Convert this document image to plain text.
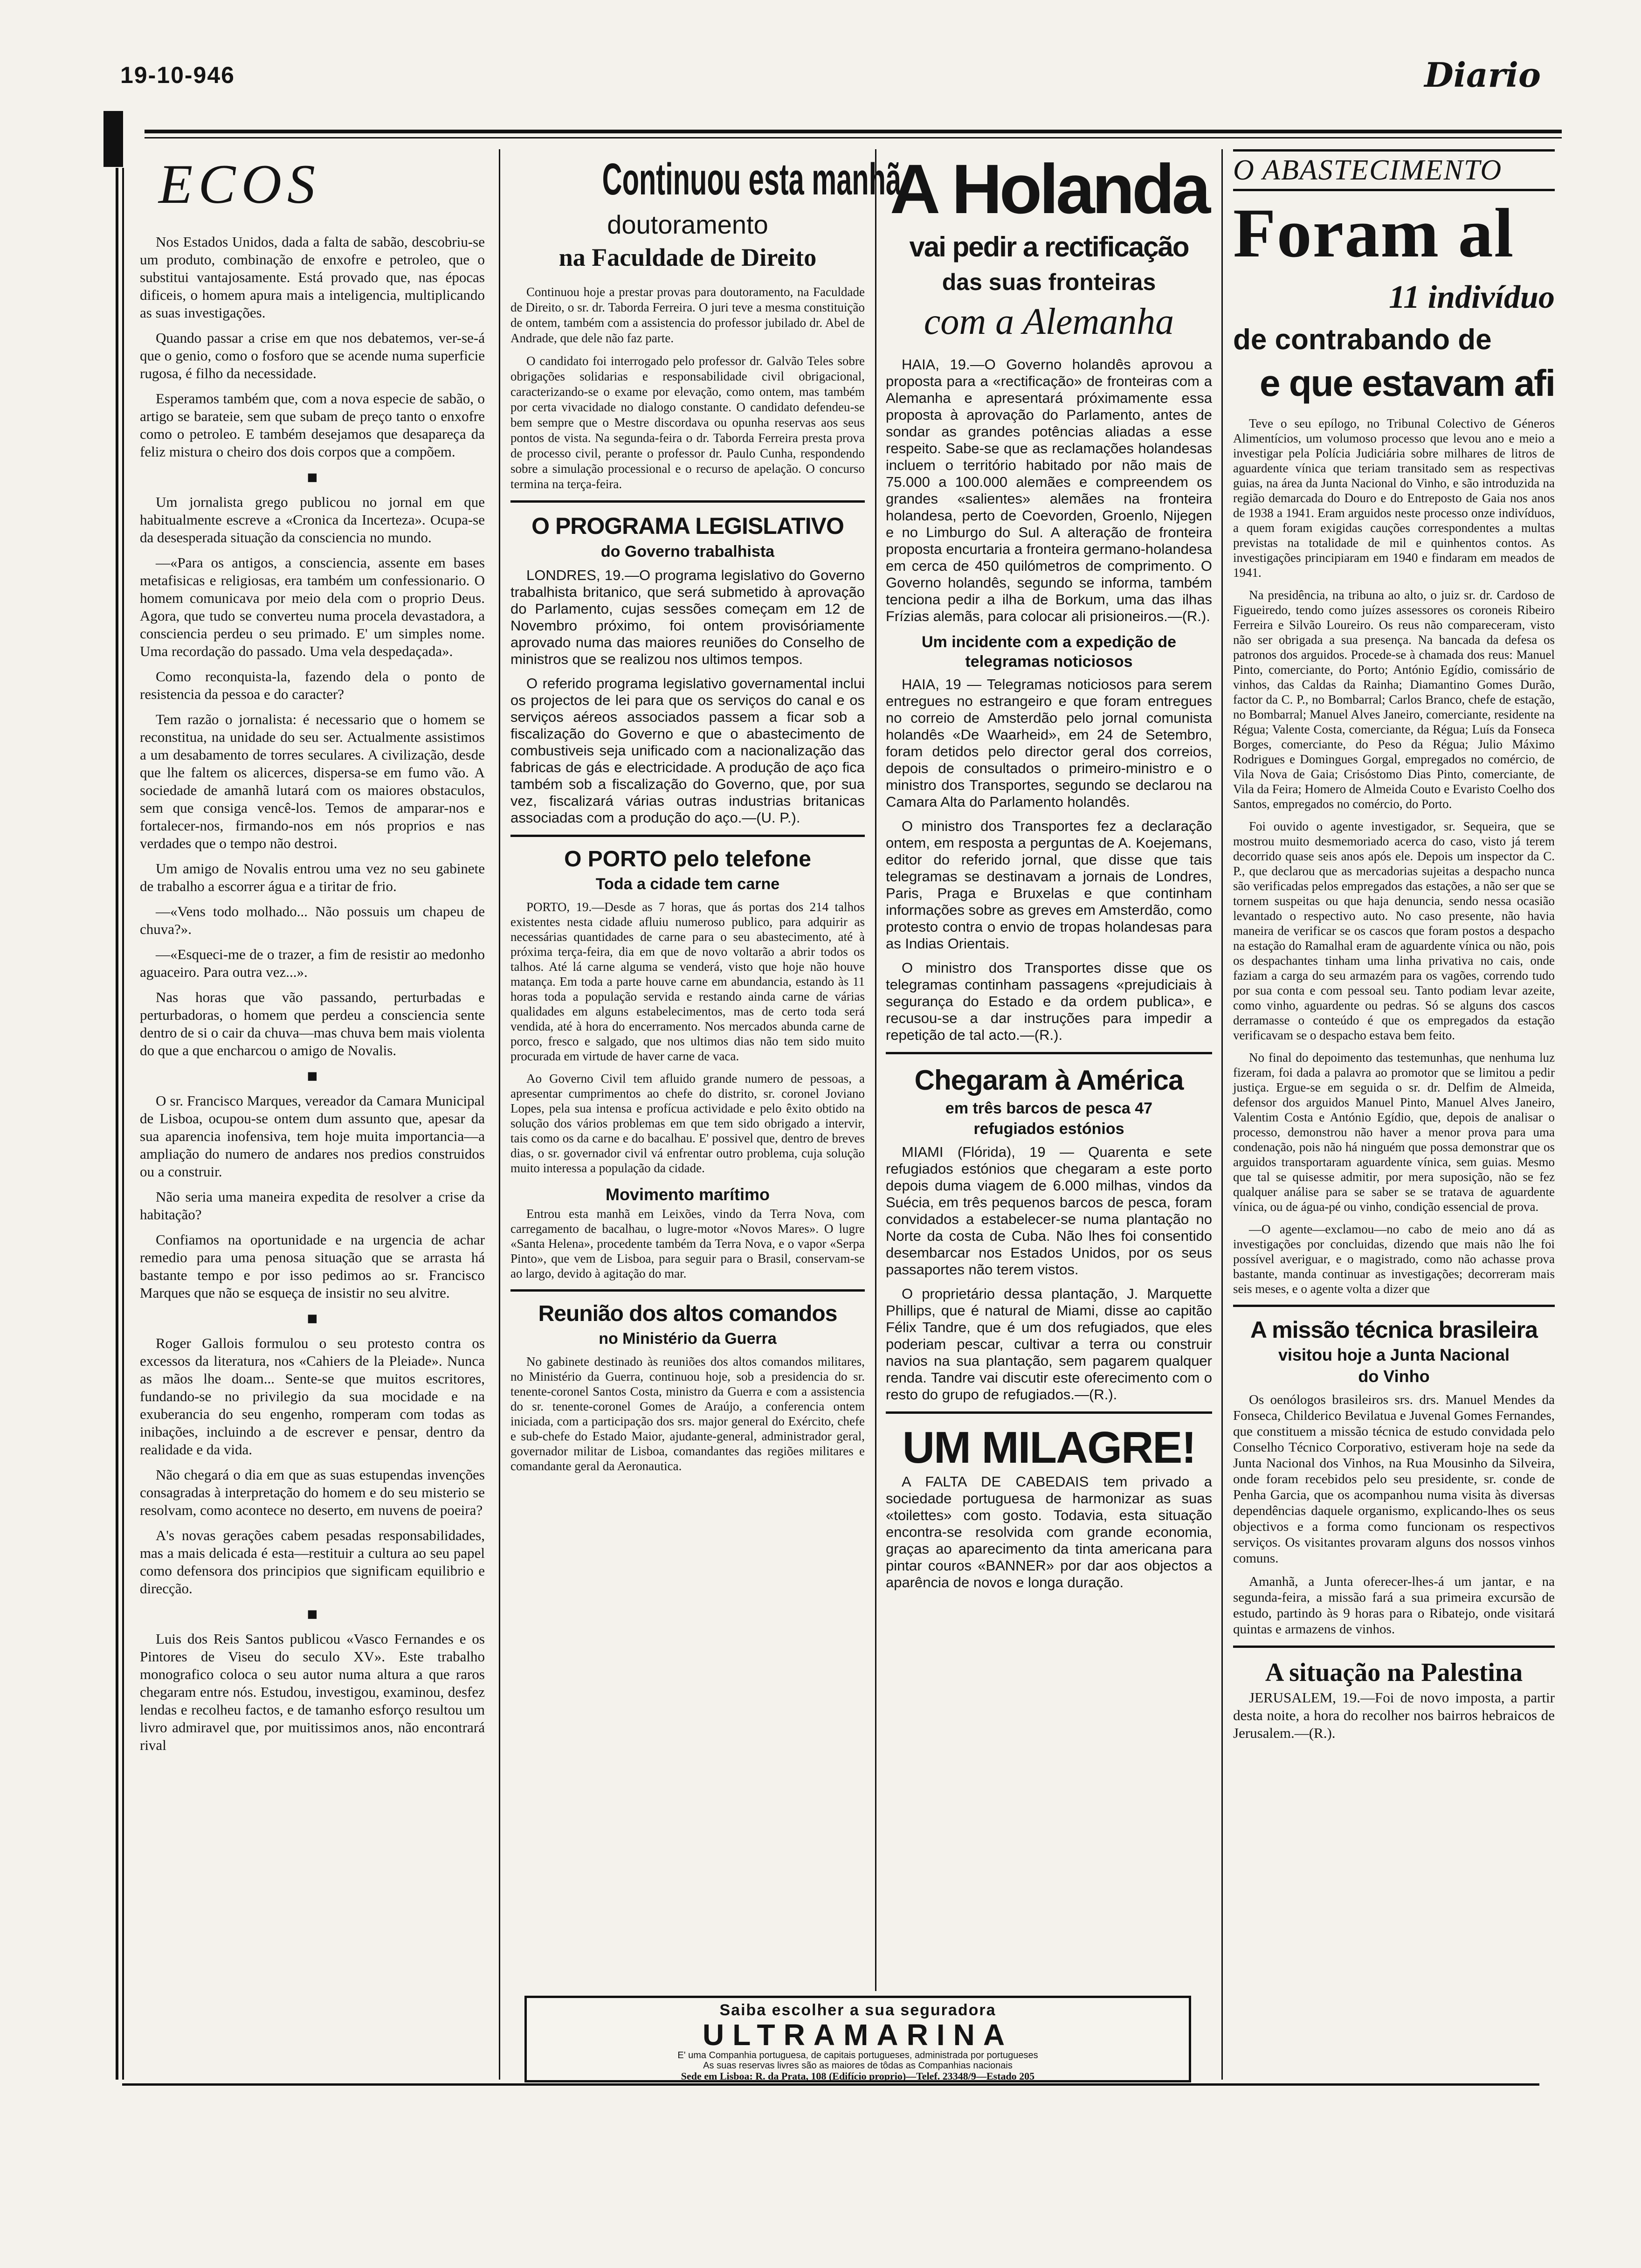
19-10-946	Diario
ECOS

Nos Estados Unidos, dada a falta de sabão, descobriu-se um produto, combinação de enxofre e petroleo, que o substitui vantajosamente. Está provado que, nas épocas dificeis, o homem apura mais a inteligencia, multiplicando as suas investigações.

Quando passar a crise em que nos debatemos, ver-se-á que o genio, como o fosforo que se acende numa superficie rugosa, é filho da necessidade.

Esperamos também que, com a nova especie de sabão, o artigo se barateie, sem que subam de preço tanto o enxofre como o petroleo. E também desejamos que desapareça da feliz mistura o cheiro dos dois corpos que a compõem.

■

Um jornalista grego publicou no jornal em que habitualmente escreve a «Cronica da Incerteza». Ocupa-se da desesperada situação da consciencia no mundo.

—«Para os antigos, a consciencia, assente em bases metafisicas e religiosas, era também um confessionario. O homem comunicava por meio dela com o proprio Deus. Agora, que tudo se converteu numa procela devastadora, a consciencia perdeu o seu primado. E' um simples nome. Uma recordação do passado. Uma vela despedaçada».

Como reconquista-la, fazendo dela o ponto de resistencia da pessoa e do caracter?

Tem razão o jornalista: é necessario que o homem se reconstitua, na unidade do seu ser. Actualmente assistimos a um desabamento de torres seculares. A civilização, desde que lhe faltem os alicerces, dispersa-se em fumo vão. A sociedade de amanhã lutará com os maiores obstaculos, sem que consiga vencê-los. Temos de amparar-nos e fortalecer-nos, firmando-nos em nós proprios e nas verdades que o tempo não destroi.

Um amigo de Novalis entrou uma vez no seu gabinete de trabalho a escorrer água e a tiritar de frio.

—«Vens todo molhado... Não possuis um chapeu de chuva?».

—«Esqueci-me de o trazer, a fim de resistir ao medonho aguaceiro. Para outra vez...».

Nas horas que vão passando, perturbadas e perturbadoras, o homem que perdeu a consciencia sente dentro de si o cair da chuva—mas chuva bem mais violenta do que a que encharcou o amigo de Novalis.

■

O sr. Francisco Marques, vereador da Camara Municipal de Lisboa, ocupou-se ontem dum assunto que, apesar da sua aparencia inofensiva, tem hoje muita importancia—a ampliação do numero de andares nos predios construidos ou a construir.

Não seria uma maneira expedita de resolver a crise da habitação?

Confiamos na oportunidade e na urgencia de achar remedio para uma penosa situação que se arrasta há bastante tempo e por isso pedimos ao sr. Francisco Marques que não se esqueça de insistir no seu alvitre.

■

Roger Gallois formulou o seu protesto contra os excessos da literatura, nos «Cahiers de la Pleiade». Nunca as mãos lhe doam... Sente-se que muitos escritores, fundando-se no privilegio da sua mocidade e na exuberancia do seu engenho, romperam com todas as inibações, incluindo a de escrever e pensar, dentro da realidade e da vida.

Não chegará o dia em que as suas estupendas invenções consagradas à interpretação do homem e do seu misterio se resolvam, como acontece no deserto, em nuvens de poeira?

A's novas gerações cabem pesadas responsabilidades, mas a mais delicada é esta—restituir a cultura ao seu papel como defensora dos principios que significam equilibrio e direcção.

■

Luis dos Reis Santos publicou «Vasco Fernandes e os Pintores de Viseu do seculo XV». Este trabalho monografico coloca o seu autor numa altura a que raros chegaram entre nós. Estudou, investigou, examinou, desfez lendas e recolheu factos, e de tamanho esforço resultou um livro admiravel que, por muitissimos anos, não encontrará rival

Continuou esta manhã
doutoramento
na Faculdade de Direito

Continuou hoje a prestar provas para doutoramento, na Faculdade de Direito, o sr. dr. Taborda Ferreira. O juri teve a mesma constituição de ontem, também com a assistencia do professor jubilado dr. Abel de Andrade, que dele não faz parte.

O candidato foi interrogado pelo professor dr. Galvão Teles sobre obrigações solidarias e responsabilidade civil obrigacional, caracterizando-se o exame por elevação, como ontem, mas também por certa vivacidade no dialogo constante. O candidato defendeu-se bem sempre que o Mestre discordava ou opunha reservas aos seus pontos de vista. Na segunda-feira o dr. Taborda Ferreira presta prova de processo civil, perante o professor dr. Paulo Cunha, respondendo sobre a simulação processional e o recurso de apelação. O concurso termina na terça-feira.

O PROGRAMA LEGISLATIVO
do Governo trabalhista

LONDRES, 19.—O programa legislativo do Governo trabalhista britanico, que será submetido à aprovação do Parlamento, cujas sessões começam em 12 de Novembro próximo, foi ontem provisóriamente aprovado numa das maiores reuniões do Conselho de ministros que se realizou nos ultimos tempos.

O referido programa legislativo governamental inclui os projectos de lei para que os serviços do canal e os serviços aéreos associados passem a ficar sob a fiscalização do Governo e que o abastecimento de combustiveis seja unificado com a nacionalização das fabricas de gás e electricidade. A produção de aço fica também sob a fiscalização do Governo, que, por sua vez, fiscalizará várias outras industrias britanicas associadas com a produção do aço.—(U. P.).

O PORTO pelo telefone
Toda a cidade tem carne

PORTO, 19.—Desde as 7 horas, que ás portas dos 214 talhos existentes nesta cidade afluiu numeroso publico, para adquirir as necessárias quantidades de carne para o seu abastecimento, até à próxima terça-feira, dia em que de novo voltarão a abrir todos os talhos. Até lá carne alguma se venderá, visto que hoje não houve matança. Em toda a parte houve carne em abundancia, estando às 11 horas toda a população servida e restando ainda carne de várias qualidades em alguns estabelecimentos, mas de certo toda será vendida, até à hora do encerramento. Nos mercados abunda carne de porco, fresco e salgado, que nos ultimos dias não tem sido muito procurada em virtude de haver carne de vaca.

Ao Governo Civil tem afluido grande numero de pessoas, a apresentar cumprimentos ao chefe do distrito, sr. coronel Joviano Lopes, pela sua intensa e profícua actividade e pelo êxito obtido na solução dos vários problemas em que tem sido obrigado a intervir, tais como os da carne e do bacalhau. E' possivel que, dentro de breves dias, o sr. governador civil vá enfrentar outro problema, cuja solução muito interessa a população da cidade.

Movimento marítimo

Entrou esta manhã em Leixões, vindo da Terra Nova, com carregamento de bacalhau, o lugre-motor «Novos Mares». O lugre «Santa Helena», procedente também da Terra Nova, e o vapor «Serpa Pinto», que vem de Lisboa, para seguir para o Brasil, conservam-se ao largo, devido à agitação do mar.

Reunião dos altos comandos
no Ministério da Guerra

No gabinete destinado às reuniões dos altos comandos militares, no Ministério da Guerra, continuou hoje, sob a presidencia do sr. tenente-coronel Santos Costa, ministro da Guerra e com a assistencia do sr. tenente-coronel Gomes de Araújo, a conferencia ontem iniciada, com a participação dos srs. major general do Exército, chefe e sub-chefe do Estado Maior, ajudante-general, administrador geral, governador militar de Lisboa, comandantes das regiões militares e comandante geral da Aeronautica.

A Holanda
vai pedir a rectificação
das suas fronteiras
com a Alemanha

HAIA, 19.—O Governo holandês aprovou a proposta para a «rectificação» de fronteiras com a Alemanha e apresentará próximamente essa proposta à aprovação do Parlamento, antes de sondar as grandes potências aliadas a esse respeito. Sabe-se que as reclamações holandesas incluem o território habitado por não mais de 75.000 a 100.000 alemães e compreendem os grandes «salientes» alemães na fronteira holandesa, perto de Coevorden, Groenlo, Nijegen e no Limburgo do Sul. A alteração de fronteira proposta encurtaria a fronteira germano-holandesa em cerca de 450 quilómetros de comprimento. O Governo holandês, segundo se informa, também tenciona pedir a ilha de Borkum, uma das ilhas Frízias alemãs, para colocar ali prisioneiros.—(R.).

Um incidente com a expedição de telegramas noticiosos

HAIA, 19 — Telegramas noticiosos para serem entregues no estrangeiro e que foram entregues no correio de Amsterdão pelo jornal comunista holandês «De Waarheid», em 24 de Setembro, foram detidos pelo director geral dos correios, depois de consultados o primeiro-ministro e o ministro dos Transportes, segundo se declarou na Camara Alta do Parlamento holandês.

O ministro dos Transportes fez a declaração ontem, em resposta a perguntas de A. Koejemans, editor do referido jornal, que disse que tais telegramas se destinavam a jornais de Londres, Paris, Praga e Bruxelas e que continham informações sobre as greves em Amsterdão, como protesto contra o envio de tropas holandesas para as Indias Orientais.

O ministro dos Transportes disse que os telegramas continham passagens «prejudiciais à segurança do Estado e da ordem publica», e recusou-se a dar instruções para impedir a repetição de tal acto.—(R.).

Chegaram à América
em três barcos de pesca 47 refugiados estónios

MIAMI (Flórida), 19 — Quarenta e sete refugiados estónios que chegaram a este porto depois duma viagem de 6.000 milhas, vindos da Suécia, em três pequenos barcos de pesca, foram convidados a estabelecer-se numa plantação no Norte da costa de Cuba. Não lhes foi consentido desembarcar nos Estados Unidos, por os seus passaportes não terem vistos.

O proprietário dessa plantação, J. Marquette Phillips, que é natural de Miami, disse ao capitão Félix Tandre, que é um dos refugiados, que eles poderiam pescar, cultivar a terra ou construir navios na sua plantação, sem pagarem qualquer renda. Tandre vai discutir este oferecimento com o resto do grupo de refugiados.—(R.).

UM MILAGRE!

A FALTA DE CABEDAIS tem privado a sociedade portuguesa de harmonizar as suas «toilettes» com gosto. Todavia, esta situação encontra-se resolvida com grande economia, graças ao aparecimento da tinta americana para pintar couros «BANNER» por dar aos objectos a aparência de novos e longa duração.

O ABASTECIMENTO
Foram al
11 indivíduo
de contrabando de
e que estavam afi

Teve o seu epílogo, no Tribunal Colectivo de Géneros Alimentícios, um volumoso processo que levou ano e meio a investigar pela Polícia Judiciária sobre milhares de litros de aguardente vínica que teriam transitado sem as respectivas guias, na área da Junta Nacional do Vinho, e são introduzida na região demarcada do Douro e do Entreposto de Gaia nos anos de 1938 a 1941. Eram arguidos neste processo onze indivíduos, a quem foram exigidas cauções correspondentes a multas previstas na totalidade de mil e quinhentos contos. As investigações principiaram em 1940 e findaram em meados de 1941.

Na presidência, na tribuna ao alto, o juiz sr. dr. Cardoso de Figueiredo, tendo como juízes assessores os coroneis Ribeiro Ferreira e Silvão Loureiro. Os reus não compareceram, visto não ser obrigada a sua presença. Na bancada da defesa os patronos dos arguidos. Procede-se à chamada dos reus: Manuel Pinto, comerciante, do Porto; António Egídio, comissário de vinhos, das Caldas da Rainha; Diamantino Gomes Durão, factor da C. P., no Bombarral; Carlos Branco, chefe de estação, no Bombarral; Manuel Alves Janeiro, comerciante, residente na Régua; Valente Costa, comerciante, da Régua; Luís da Fonseca Borges, comerciante, do Peso da Régua; Julio Máximo Rodrigues e Domingues Gorgal, empregados no comércio, de Vila Nova de Gaia; Crisóstomo Dias Pinto, comerciante, de Vila da Feira; Homero de Almeida Couto e Evaristo Coelho dos Santos, empregados no comércio, do Porto.

Foi ouvido o agente investigador, sr. Sequeira, que se mostrou muito desmemoriado acerca do caso, visto já terem decorrido quase seis anos após ele. Depois um inspector da C. P., que declarou que as mercadorias sujeitas a despacho nunca são verificadas pelos empregados das estações, a não ser que se tornem suspeitas ou que haja denuncia, sendo nessa ocasião levantado o respectivo auto. No caso presente, não havia maneira de verificar se os cascos que foram postos a despacho na estação do Ramalhal eram de aguardente vínica ou não, pois os despachantes tinham uma linha privativa no cais, onde faziam a carga do seu armazém para os vagões, correndo tudo por sua conta e com pessoal seu. Tanto podiam levar azeite, como vinho, aguardente ou pedras. Só se alguns dos cascos derramasse o conteúdo é que os empregados da estação verificavam se o despacho estava bem feito.

No final do depoimento das testemunhas, que nenhuma luz fizeram, foi dada a palavra ao promotor que se limitou a pedir justiça. Ergue-se em seguida o sr. dr. Delfim de Almeida, defensor dos arguidos Manuel Pinto, Manuel Alves Janeiro, Valentim Costa e António Egídio, que, depois de analisar o processo, demonstrou não haver a menor prova para uma condenação, pois não há ninguém que possa demonstrar que os arguidos transportaram aguardente vínica, sem guias. Mesmo que tal se quisesse admitir, por mera suposição, não se fez qualquer análise para se saber se se tratava de aguardente vínica, ou de água-pé ou vinho, condição essencial de prova.

—O agente—exclamou—no cabo de meio ano dá as investigações por concluidas, dizendo que mais não lhe foi possível averiguar, e o magistrado, como não achasse prova bastante, manda continuar as investigações; decorreram mais seis meses, e o agente volta a dizer que

A missão técnica brasileira
visitou hoje a Junta Nacional do Vinho

Os oenólogos brasileiros srs. drs. Manuel Mendes da Fonseca, Childerico Bevilatua e Juvenal Gomes Fernandes, que constituem a missão técnica de estudo convidada pelo Conselho Técnico Corporativo, estiveram hoje na sede da Junta Nacional dos Vinhos, na Rua Mousinho da Silveira, onde foram recebidos pelo seu presidente, sr. conde de Penha Garcia, que os acompanhou numa visita às diversas dependências daquele organismo, explicando-lhes os seus objectivos e a forma como funcionam os respectivos serviços. Os visitantes provaram alguns dos nossos vinhos comuns.

Amanhã, a Junta oferecer-lhes-á um jantar, e na segunda-feira, a missão fará a sua primeira excursão de estudo, partindo às 9 horas para o Ribatejo, onde visitará quintas e armazens de vinhos.

A situação na Palestina

JERUSALEM, 19.—Foi de novo imposta, a partir desta noite, a hora do recolher nos bairros hebraicos de Jerusalem.—(R.).

Saiba escolher a sua seguradora
ULTRAMARINA
E' uma Companhia portuguesa, de capitais portugueses, administrada por portugueses
As suas reservas livres são as maiores de tôdas as Companhias nacionais
Sede em Lisboa: R. da Prata, 108 (Edifício proprio)—Telef. 23348/9—Estado 205
